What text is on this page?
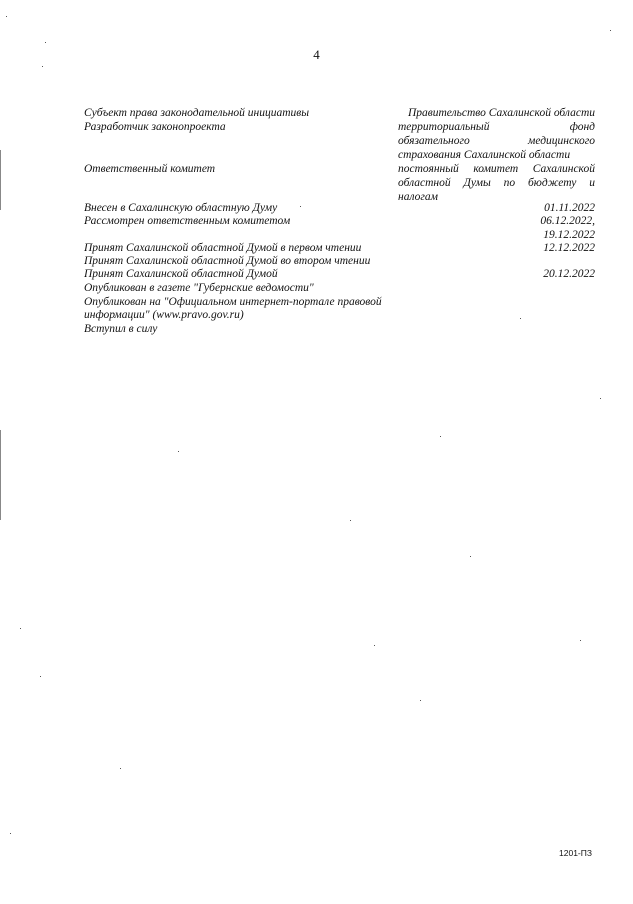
4
Субъект права законодательной инициативы	Правительство Сахалинской области
Разработчик законопроекта	территориальный фонд
обязательного медицинского
страхования Сахалинской области
Ответственный комитет	постоянный комитет Сахалинской
областной Думы по бюджету и
налогам
Внесен в Сахалинскую областную Думу	01.11.2022
Рассмотрен ответственным комитетом	06.12.2022,
19.12.2022
Принят Сахалинской областной Думой в первом чтении	12.12.2022
Принят Сахалинской областной Думой во втором чтении
Принят Сахалинской областной Думой	20.12.2022
Опубликован в газете "Губернские ведомости"
Опубликован на "Официальном интернет-портале правовой
информации" (www.pravo.gov.ru)
Вступил в силу
1201-ПЗ
